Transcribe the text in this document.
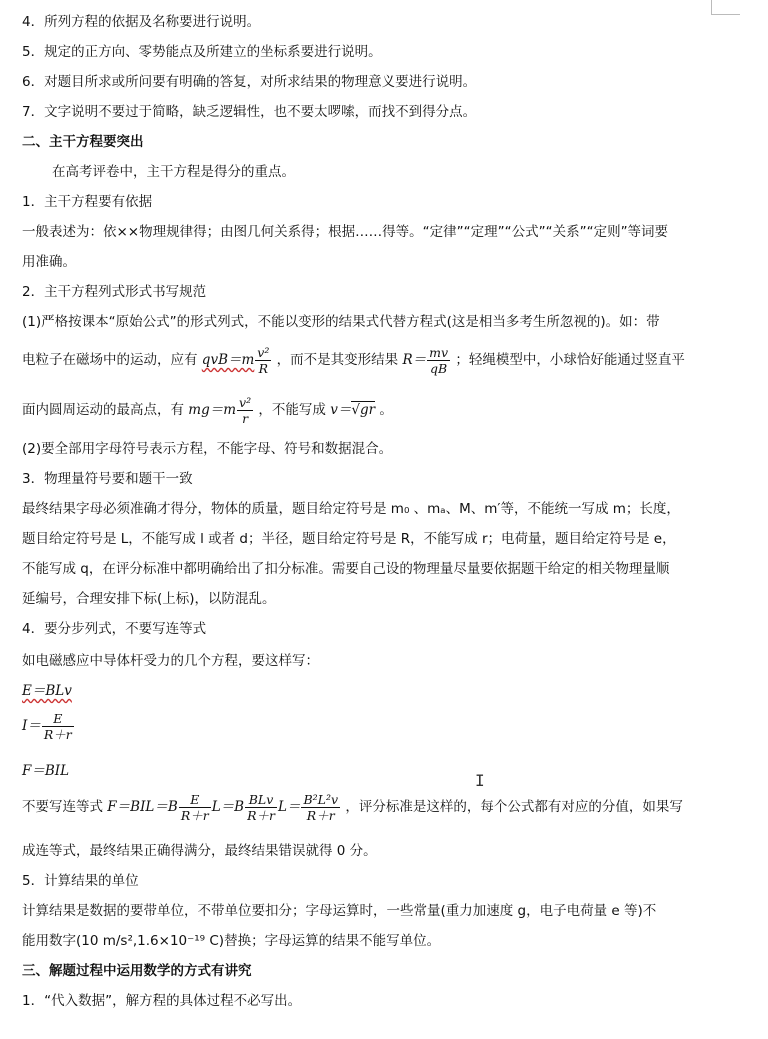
4．所列方程的依据及名称要进行说明。
5．规定的正方向、零势能点及所建立的坐标系要进行说明。
6．对题目所求或所问要有明确的答复，对所求结果的物理意义要进行说明。
7．文字说明不要过于简略，缺乏逻辑性，也不要太啰嗦，而找不到得分点。
二、主干方程要突出
在高考评卷中，主干方程是得分的重点。
1．主干方程要有依据
一般表述为：依××物理规律得；由图几何关系得；根据……得等。“定律”“定理”“公式”“关系”“定则”等词要
用准确。
2．主干方程列式形式书写规范
(1)严格按课本“原始公式”的形式列式，不能以变形的结果式代替方程式(这是相当多考生所忽视的)。如：带
电粒子在磁场中的运动，应有 $qvB=m \frac{\text{v²}}{R}$ ，而不是其变形结果 $R= \frac{mv}{qB}$ ；轻绳模型中，小球恰好能通过竖直平
面内圆周运动的最高点，有 $mg=m \frac{\text{v²}}{r}$ ，不能写成 v＝√gr 。
(2)要全部用字母符号表示方程，不能字母、符号和数据混合。
3．物理量符号要和题干一致
最终结果字母必须准确才得分，物体的质量，题目给定符号是 m₀ 、mₐ、M、m′等，不能统一写成 m；长度，
题目给定符号是 L，不能写成 l 或者 d；半径，题目给定符号是 R，不能写成 r；电荷量，题目给定符号是 e，
不能写成 q，在评分标准中都明确给出了扣分标准。需要自己设的物理量尽量要依据题干给定的相关物理量顺
延编号，合理安排下标(上标)，以防混乱。
4．要分步列式，不要写连等式
如电磁感应中导体杆受力的几个方程，要这样写：
E＝BLv
$I= \frac{E}{R+r}$
F＝BIL
不要写连等式 $F=BIL=B \frac{E}{R+r} L=B \frac{\text{BLv}}{R+r} L= \frac{\text{B²L²v}}{R+r}$ ，评分标准是这样的，每个公式都有对应的分值，如果写
成连等式，最终结果正确得满分，最终结果错误就得 0 分。
5．计算结果的单位
计算结果是数据的要带单位，不带单位要扣分；字母运算时，一些常量(重力加速度 g，电子电荷量 e 等)不
能用数字(10 m/s²,1.6×10⁻¹⁹ C)替换；字母运算的结果不能写单位。
三、解题过程中运用数学的方式有讲究
1．“代入数据”，解方程的具体过程不必写出。
I
